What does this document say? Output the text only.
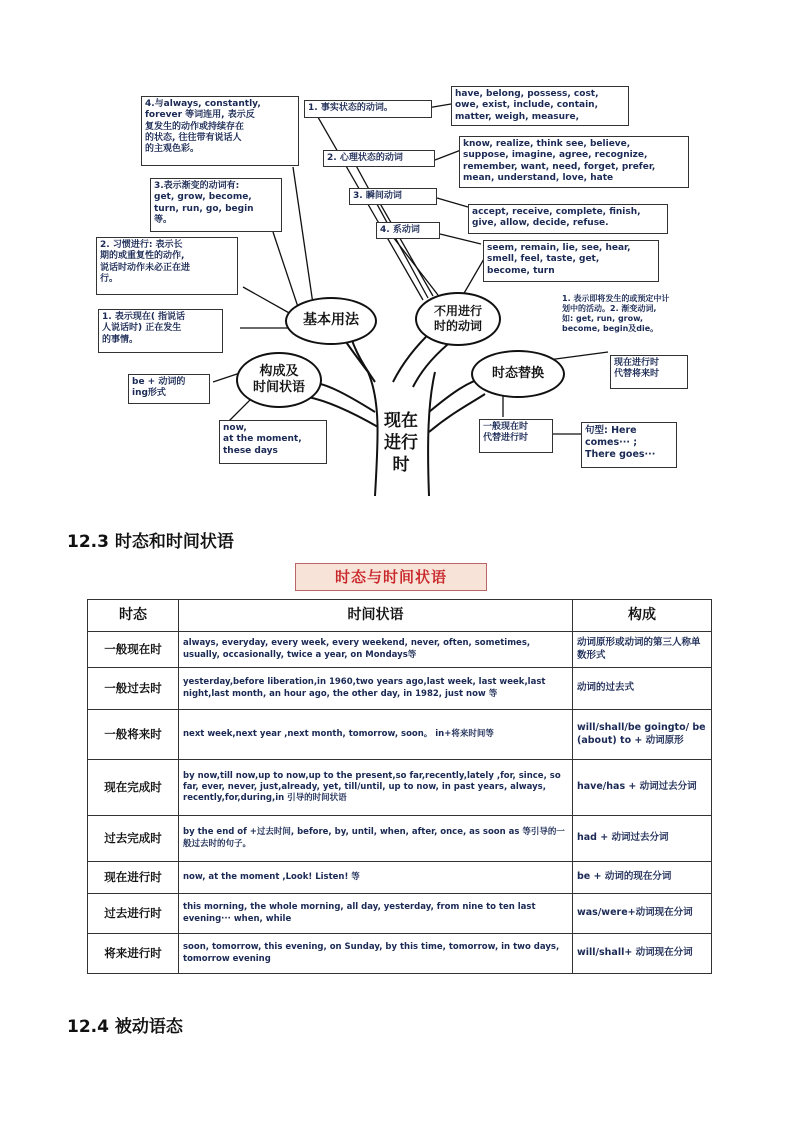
4.与always, constantly,
forever 等词连用, 表示反
复发生的动作或持续存在
的状态, 往往带有说话人
的主观色彩。
3.表示渐变的动词有:
get, grow, become,
turn, run, go, begin
等。
2. 习惯进行: 表示长
期的或重复性的动作,
说话时动作未必正在进
行。
1. 表示现在( 指说话
人说话时) 正在发生
的事情。
1. 事实状态的动词。
have, belong, possess, cost,
owe, exist, include, contain,
matter, weigh, measure,
2. 心理状态的动词
know, realize, think see, believe,
suppose, imagine, agree, recognize,
remember, want, need, forget, prefer,
mean, understand, love, hate
3. 瞬间动词
accept, receive, complete, finish,
give, allow, decide, refuse.
4. 系动词
seem, remain, lie, see, hear,
smell, feel, taste, get,
become, turn
be + 动词的
ing形式
now,
at the moment,
these days
1. 表示即将发生的或预定中计
划中的活动。2. 渐变动词,
如: get, run, grow,
become, begin及die。
现在进行时
代替将来时
一般现在时
代替进行时
句型: Here
comes··· ;
There goes···
基本用法
不用进行
时的动词
构成及
时间状语
时态替换
现在
进行
时
12.3 时态和时间状语
时态与时间状语
时态	时间状语	构成
一般现在时	always, everyday, every week, every weekend, never, often, sometimes, usually, occasionally, twice a year, on Mondays等	动词原形或动词的第三人称单数形式
一般过去时	yesterday,before liberation,in 1960,two years ago,last week, last week,last night,last month, an hour ago, the other day, in 1982, just now 等	动词的过去式
一般将来时	next week,next year ,next month, tomorrow, soon。 in+将来时间等	will/shall/be goingto/ be (about) to + 动词原形
现在完成时	by now,till now,up to now,up to the present,so far,recently,lately ,for, since, so far, ever, never, just,already, yet, till/until, up to now, in past years, always, recently,for,during,in 引导的时间状语	have/has + 动词过去分词
过去完成时	by the end of +过去时间, before, by, until, when, after, once, as soon as 等引导的一般过去时的句子。	had + 动词过去分词
现在进行时	now, at the moment ,Look! Listen! 等	be + 动词的现在分词
过去进行时	this morning, the whole morning, all day, yesterday, from nine to ten last evening··· when, while	was/were+动词现在分词
将来进行时	soon, tomorrow, this evening, on Sunday, by this time, tomorrow, in two days, tomorrow evening	will/shall+ 动词现在分词
12.4 被动语态
